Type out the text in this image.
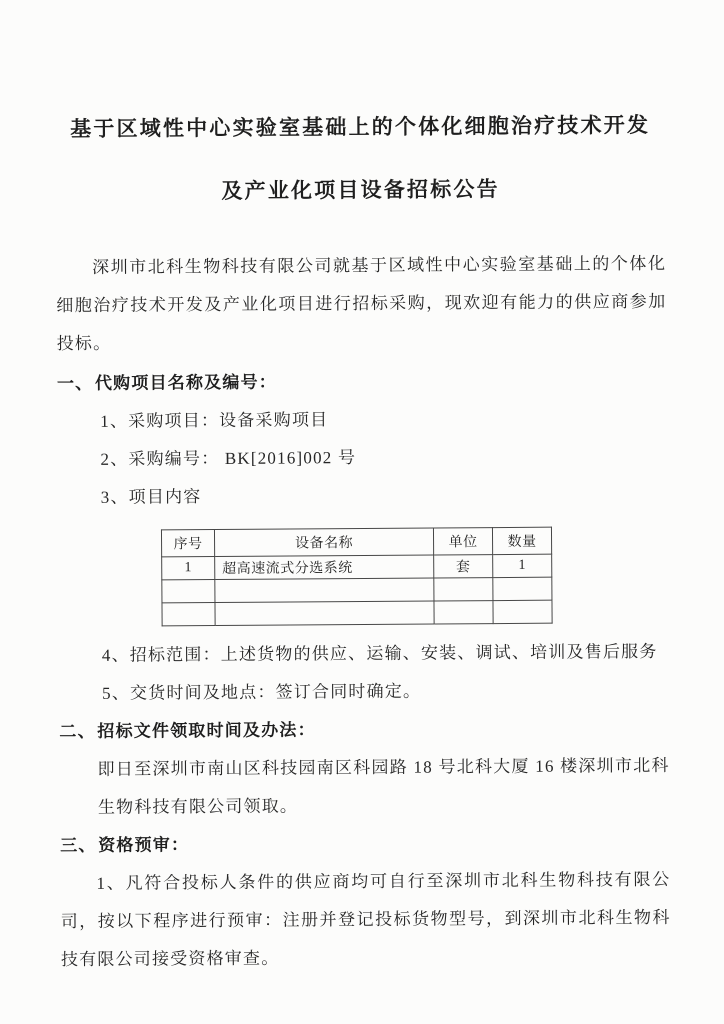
基于区域性中心实验室基础上的个体化细胞治疗技术开发
及产业化项目设备招标公告
深圳市北科生物科技有限公司就基于区域性中心实验室基础上的个体化细胞治疗技术开发及产业化项目进行招标采购，现欢迎有能力的供应商参加投标。
一、代购项目名称及编号：
1、采购项目：设备采购项目
2、采购编号： BK[2016]002 号
3、项目内容
序号	设备名称	单位	数量
1	超高速流式分选系统	套	1

4、招标范围：上述货物的供应、运输、安装、调试、培训及售后服务
5、交货时间及地点：签订合同时确定。
二、招标文件领取时间及办法：
即日至深圳市南山区科技园南区科园路 18 号北科大厦 16 楼深圳市北科生物科技有限公司领取。
三、资格预审：
1、凡符合投标人条件的供应商均可自行至深圳市北科生物科技有限公司，按以下程序进行预审：注册并登记投标货物型号，到深圳市北科生物科技有限公司接受资格审查。
